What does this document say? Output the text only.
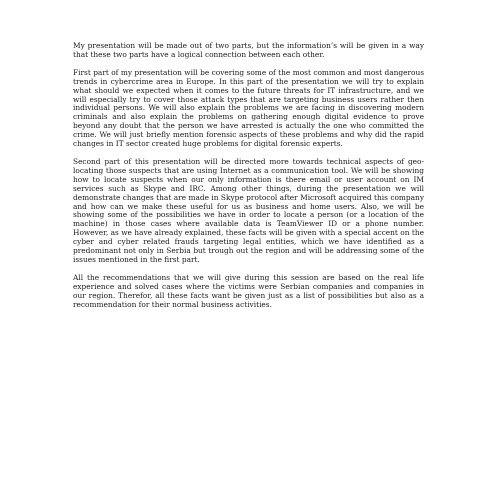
My presentation will be made out of two parts, but the information’s will be given in a way that these two parts have a logical connection between each other.

First part of my presentation will be covering some of the most common and most dangerous trends in cybercrime area in Europe. In this part of the presentation we will try to explain what should we expected when it comes to the future threats for IT infrastructure, and we will especially try to cover those attack types that are targeting business users rather then individual persons. We will also explain the problems we are facing in discovering modern criminals and also explain the problems on gathering enough digital evidence to prove beyond any doubt that the person we have arrested is actually the one who committed the crime. We will just briefly mention forensic aspects of these problems and why did the rapid changes in IT sector created huge problems for digital forensic experts.

Second part of this presentation will be directed more towards technical aspects of geo-locating those suspects that are using Internet as a communication tool. We will be showing how to locate suspects when our only information is there email or user account on IM services such as Skype and IRC. Among other things, during the presentation we will demonstrate changes that are made in Skype protocol after Microsoft acquired this company and how can we make these useful for us as business and home users. Also, we will be showing some of the possibilities we have in order to locate a person (or a location of the machine) in those cases where available data is TeamViewer ID or a phone number. However, as we have already explained, these facts will be given with a special accent on the cyber and cyber related frauds targeting legal entities, which we have identified as a predominant not only in Serbia but trough out the region and will be addressing some of the issues mentioned in the first part.

All the recommendations that we will give during this session are based on the real life experience and solved cases where the victims were Serbian companies and companies in our region. Therefor, all these facts want be given just as a list of possibilities but also as a recommendation for their normal business activities.
